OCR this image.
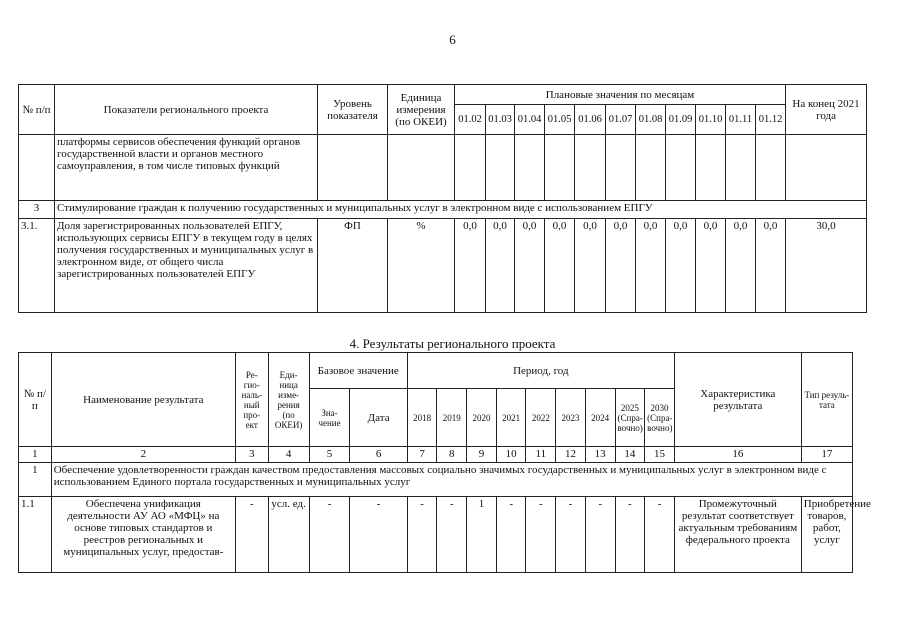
6
№ п/п	Показатели регионального проекта	Уровень показателя	Единица измерения (по ОКЕИ)	Плановые значения по месяцам											На конец 2021 года
				01.02	01.03	01.04	01.05	01.06	01.07	01.08	01.09	01.10	01.11	01.12	
	платформы сервисов обеспечения функций органов государственной власти и органов местного самоуправления, в том числе типовых функций														
3	Стимулирование граждан к получению государственных и муниципальных услуг в электронном виде с использованием ЕПГУ														
3.1.	Доля зарегистрированных пользователей ЕПГУ, использующих сервисы ЕПГУ в текущем году в целях получения государственных и муниципальных услуг в электронном виде, от общего числа зарегистрированных пользователей ЕПГУ	ФП	%	0,0	0,0	0,0	0,0	0,0	0,0	0,0	0,0	0,0	0,0	0,0	30,0
4. Результаты регионального проекта
№ п/п	Наименование результата	Ре-гио-наль-ный про-ект	Еди-ница изме-рения (по ОКЕИ)	Базовое значение		Период, год									Характеристика результата	Тип резуль-тата
				Зна-чение	Дата	2018	2019	2020	2021	2022	2023	2024	2025 (Спра-вочно)	2030 (Спра-вочно)		
1	2	3	4	5	6	7	8	9	10	11	12	13	14	15	16	17
1	Обеспечение удовлетворенности граждан качеством предоставления массовых социально значимых государственных и муниципальных услуг в электронном виде с использованием Единого портала государственных и муниципальных услуг															
1.1	Обеспечена унификация деятельности АУ АО «МФЦ» на основе типовых стандартов и реестров региональных и муниципальных услуг, предостав-	-	усл. ед.	-	-	-	-	1	-	-	-	-	-	-	Промежуточный результат соответствует актуальным требованиям федерального проекта	Приобретение товаров, работ, услуг
